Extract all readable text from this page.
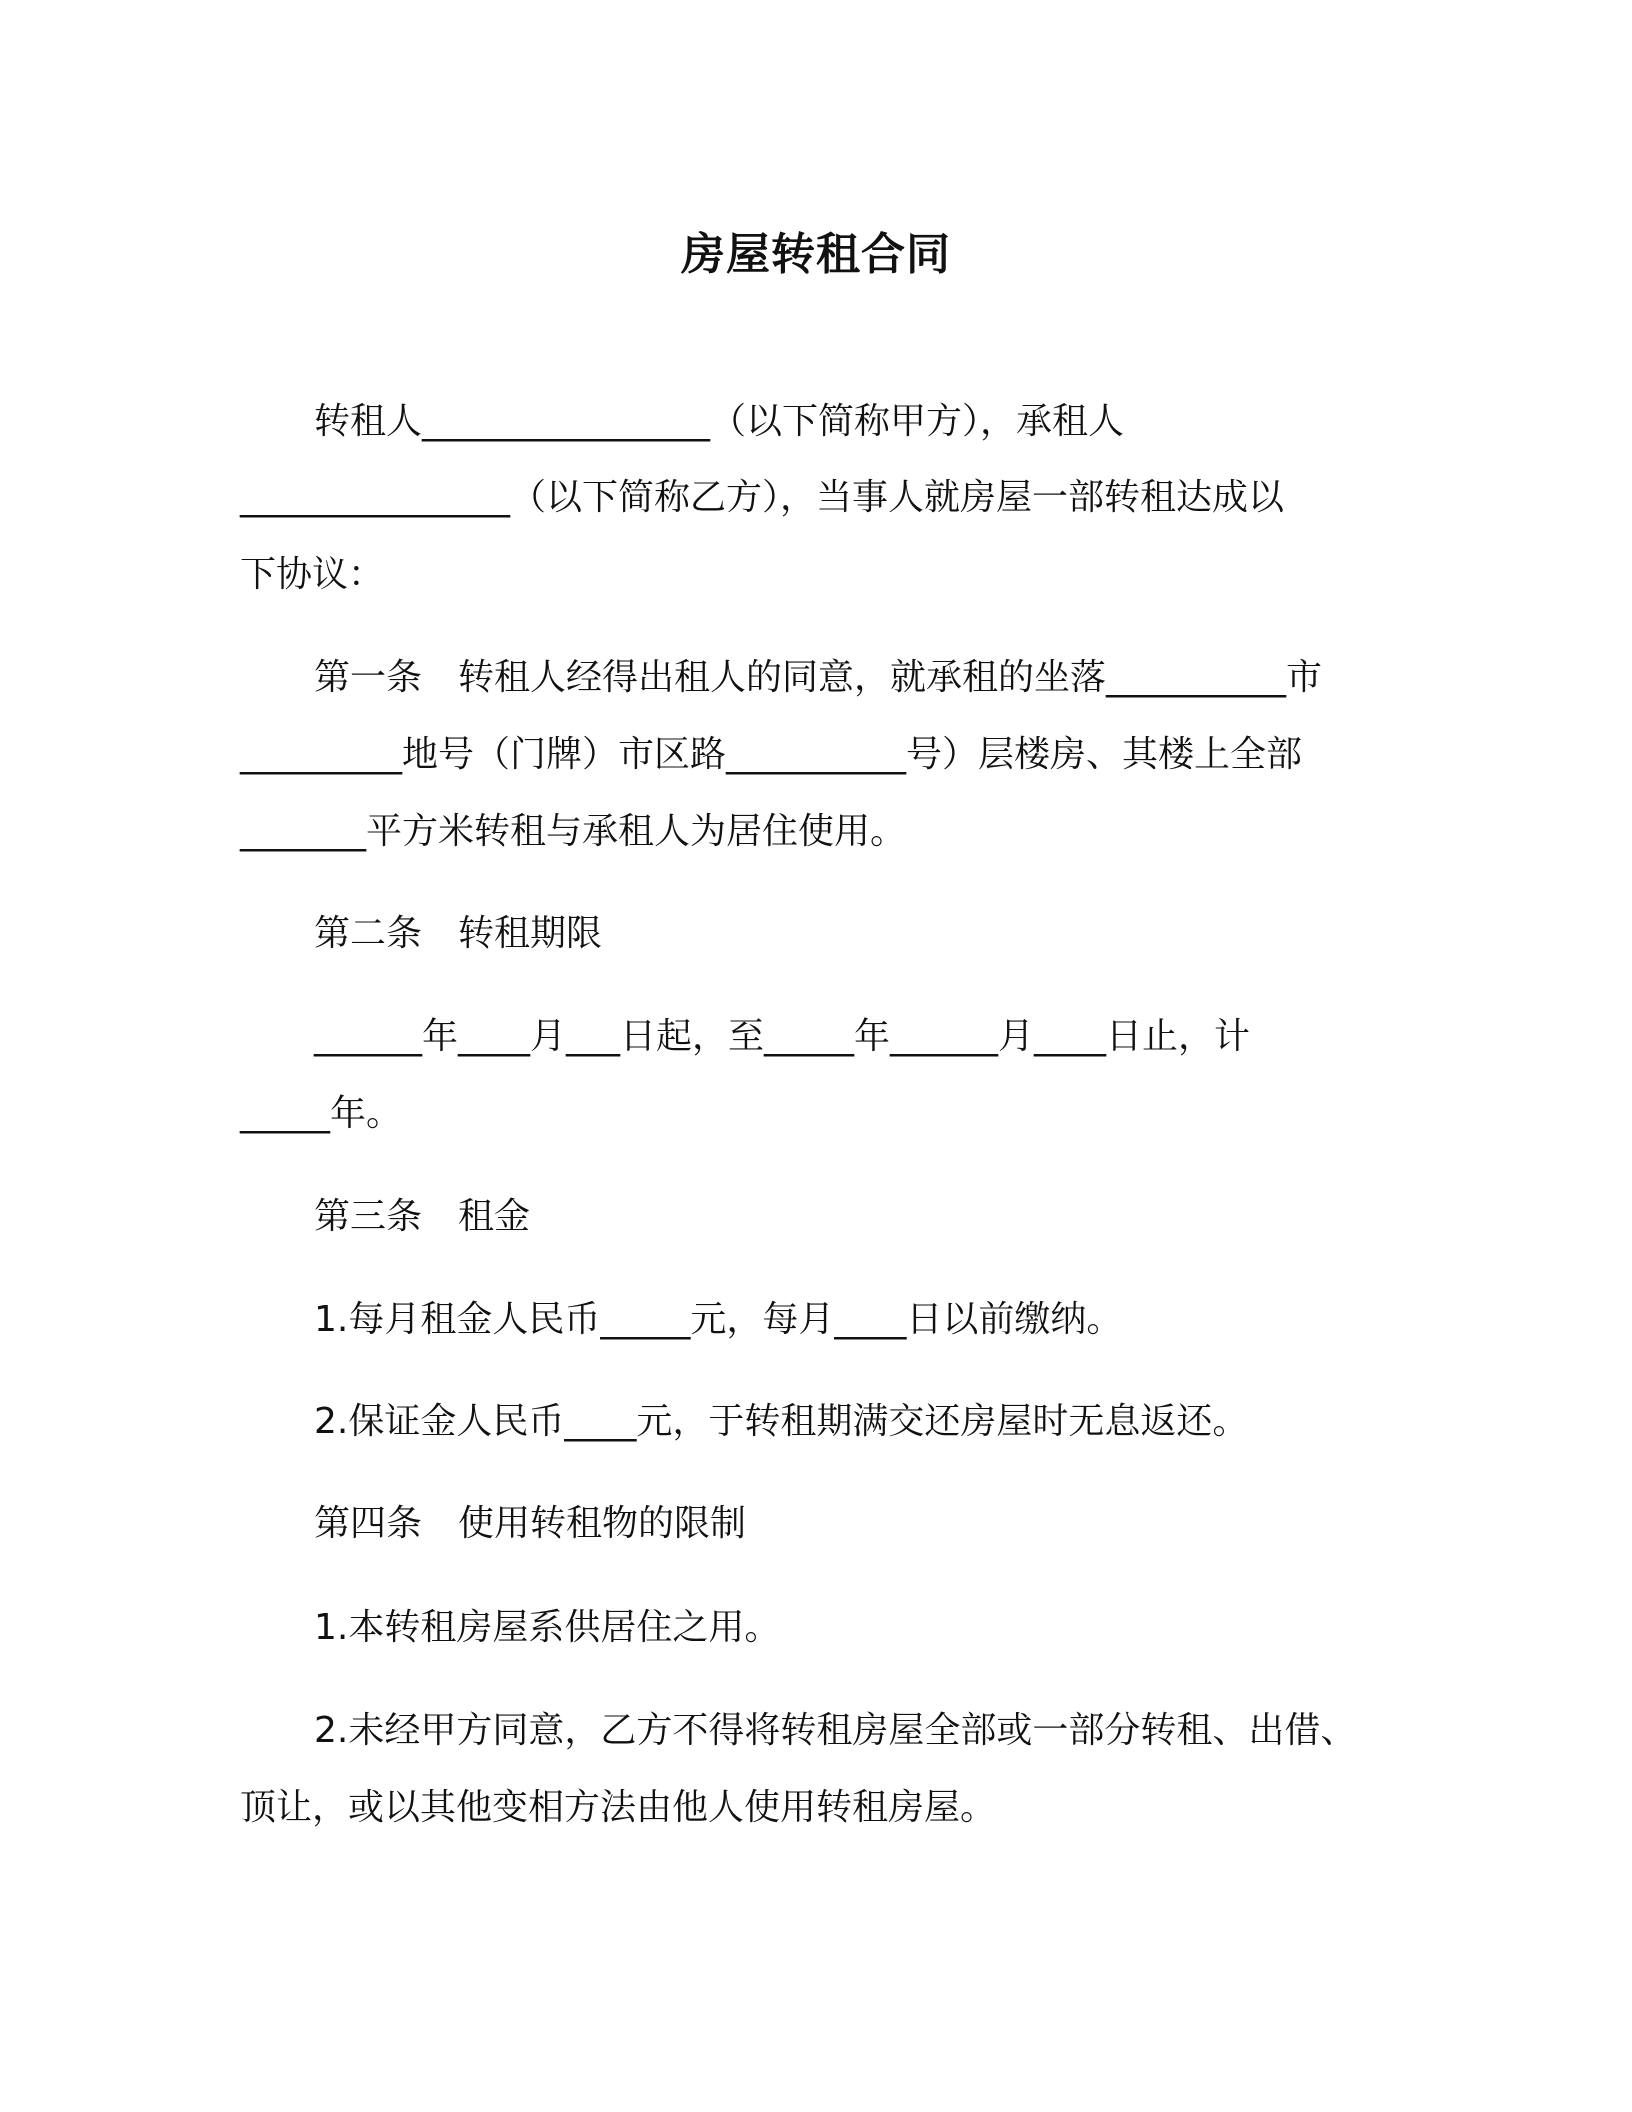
房屋转租合同

转租人________________（以下简称甲方），承租人

_______________（以下简称乙方），当事人就房屋一部转租达成以

下协议：

第一条　转租人经得出租人的同意，就承租的坐落__________市

_________地号（门牌）市区路__________号）层楼房、其楼上全部

_______平方米转租与承租人为居住使用。

第二条　转租期限

______年____月___日起，至_____年______月____日止，计

_____年。

第三条　租金

1.每月租金人民币_____元，每月____日以前缴纳。

2.保证金人民币____元，于转租期满交还房屋时无息返还。

第四条　使用转租物的限制

1.本转租房屋系供居住之用。

2.未经甲方同意，乙方不得将转租房屋全部或一部分转租、出借、

顶让，或以其他变相方法由他人使用转租房屋。
